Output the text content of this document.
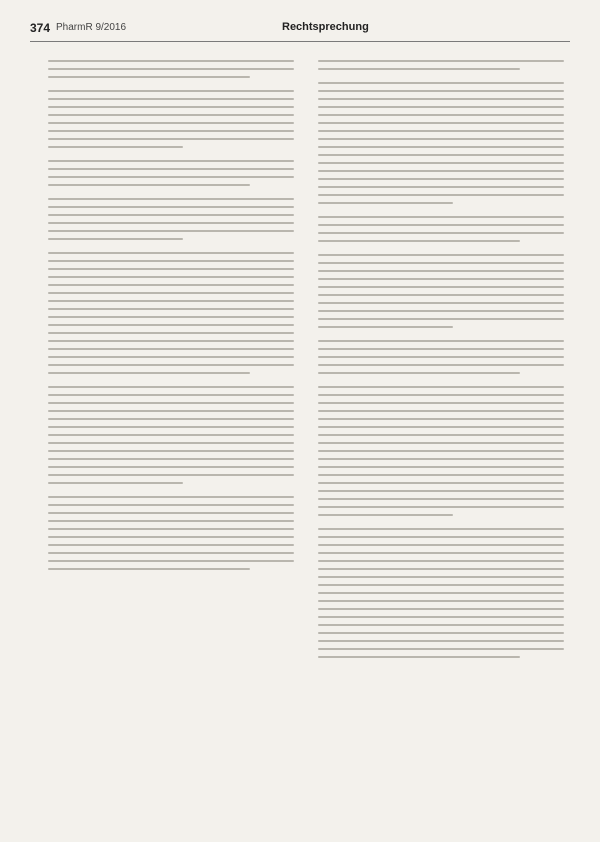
374 PharmR 9/2016	Rechtsprechung
